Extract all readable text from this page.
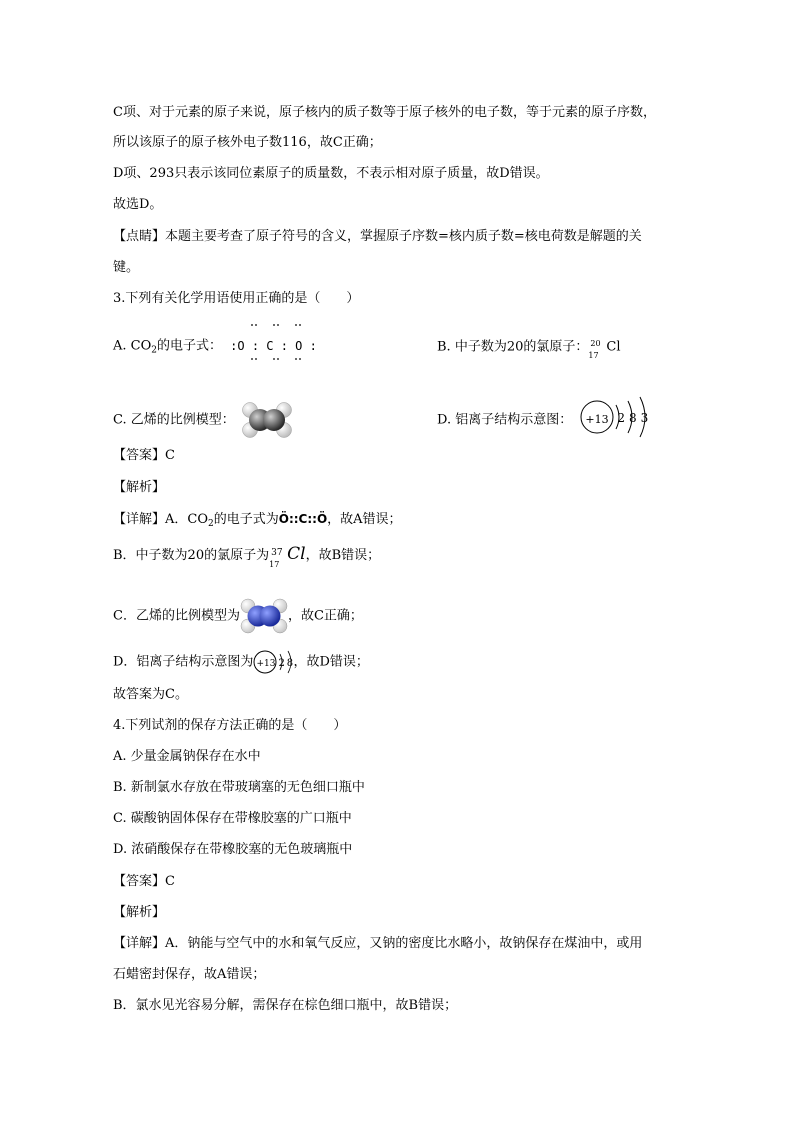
C项、对于元素的原子来说，原子核内的质子数等于原子核外的电子数，等于元素的原子序数，
所以该原子的原子核外电子数116，故C正确；
D项、293只表示该同位素原子的质量数，不表示相对原子质量，故D错误。
故选D。
【点睛】本题主要考查了原子符号的含义，掌握原子序数=核内质子数=核电荷数是解题的关
键。
3.下列有关化学用语使用正确的是（　　）
A. $CO_2$的电子式： :O : C : O :	B. 中子数为20的氯原子： 20
17
Cl
C. 乙烯的比例模型：	D. 铝离子结构示意图： +13 283
【答案】C
【解析】
【详解】A．$CO_2$的电子式为Ö::C::Ö，故A错误；
B．中子数为20的氯原子为 37
17 Cl，故B错误；
C．乙烯的比例模型为	，故C正确；
D．铝离子结构示意图为 +13 28
，故D错误；
故答案为C。
4.下列试剂的保存方法正确的是（　　）
A. 少量金属钠保存在水中
B. 新制氯水存放在带玻璃塞的无色细口瓶中
C. 碳酸钠固体保存在带橡胶塞的广口瓶中
D. 浓硝酸保存在带橡胶塞的无色玻璃瓶中
【答案】C
【解析】
【详解】A．钠能与空气中的水和氧气反应，又钠的密度比水略小，故钠保存在煤油中，或用
石蜡密封保存，故A错误；
B．氯水见光容易分解，需保存在棕色细口瓶中，故B错误；
